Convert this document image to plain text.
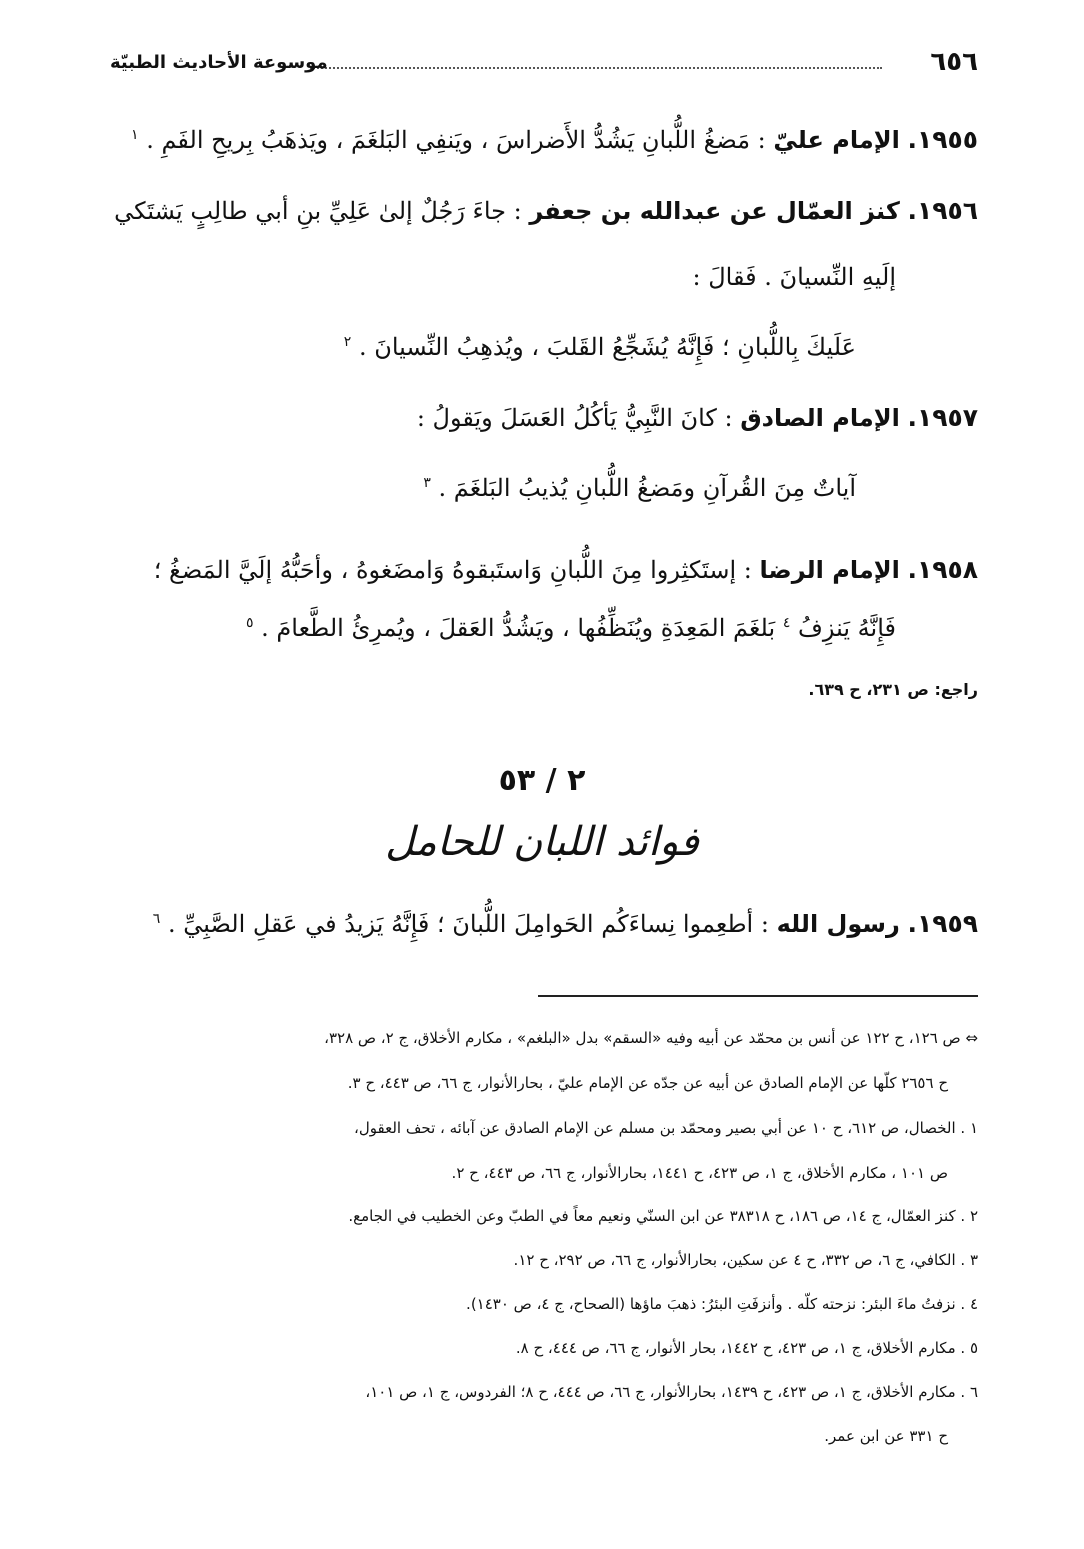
٦٥٦
موسوعة الأحاديث الطبيّة
١٩٥٥. الإمام عليّ : مَضغُ اللُّبانِ يَشُدُّ الأَضراسَ ، ويَنفِي البَلغَمَ ، ويَذهَبُ بِريحِ الفَمِ . $^١$
١٩٥٦. كنز العمّال عن عبدالله بن جعفر : جاءَ رَجُلٌ إلىٰ عَلِيِّ بنِ أبي طالِبٍ يَشتَكي
إلَيهِ النِّسيانَ . فَقالَ :
عَلَيكَ بِاللُّبانِ ؛ فَإِنَّهُ يُشَجِّعُ القَلبَ ، ويُذهِبُ النِّسيانَ . $^٢$
١٩٥٧. الإمام الصادق : كانَ النَّبِيُّ يَأكُلُ العَسَلَ ويَقولُ :
آياتٌ مِنَ القُرآنِ ومَضغُ اللُّبانِ يُذيبُ البَلغَمَ . $^٣$
١٩٥٨. الإمام الرضا : إستَكثِروا مِنَ اللُّبانِ وَاستَبقوهُ وَامضَغوهُ ، وأحَبُّهُ إلَيَّ المَضغُ ؛
فَإِنَّهُ يَنزِفُ $^٤$ بَلغَمَ المَعِدَةِ ويُنَظِّفُها ، ويَشُدُّ العَقلَ ، ويُمرِئُ الطَّعامَ . $^٥$
راجع: ص ٢٣١، ح ٦٣٩.
٢ / ٥٣
فوائد اللبان للحامل
١٩٥٩. رسول الله : أطعِموا نِساءَكُم الحَوامِلَ اللُّبانَ ؛ فَإِنَّهُ يَزيدُ في عَقلِ الصَّبِيِّ . $^٦$
⇔ ص ١٢٦، ح ١٢٢ عن أنس بن محمّد عن أبيه وفيه «السقم» بدل «البلغم» ، مكارم الأخلاق، ج ٢، ص ٣٢٨،
ح ٢٦٥٦ كلّها عن الإمام الصادق عن أبيه عن جدّه عن الإمام عليّ ، بحارالأنوار، ج ٦٦، ص ٤٤٣، ح ٣.
١ . الخصال، ص ٦١٢، ح ١٠ عن أبي بصير ومحمّد بن مسلم عن الإمام الصادق عن آبائه ، تحف العقول،
ص ١٠١ ، مكارم الأخلاق، ج ١، ص ٤٢٣، ح ١٤٤١، بحارالأنوار، ج ٦٦، ص ٤٤٣، ح ٢.
٢ . كنز العمّال، ج ١٤، ص ١٨٦، ح ٣٨٣١٨ عن ابن السنّي ونعيم معاً في الطبّ وعن الخطيب في الجامع.
٣ . الكافي، ج ٦، ص ٣٣٢، ح ٤ عن سكين، بحارالأنوار، ج ٦٦، ص ٢٩٢، ح ١٢.
٤ . نزفتُ ماءَ البئر: نزحته كلّه . وأنزفَتِ البئرُ: ذهبَ ماؤها (الصحاح، ج ٤، ص ١٤٣٠).
٥ . مكارم الأخلاق، ج ١، ص ٤٢٣، ح ١٤٤٢، بحار الأنوار، ج ٦٦، ص ٤٤٤، ح ٨.
٦ . مكارم الأخلاق، ج ١، ص ٤٢٣، ح ١٤٣٩، بحارالأنوار، ج ٦٦، ص ٤٤٤، ح ٨؛ الفردوس، ج ١، ص ١٠١،
ح ٣٣١ عن ابن عمر.
